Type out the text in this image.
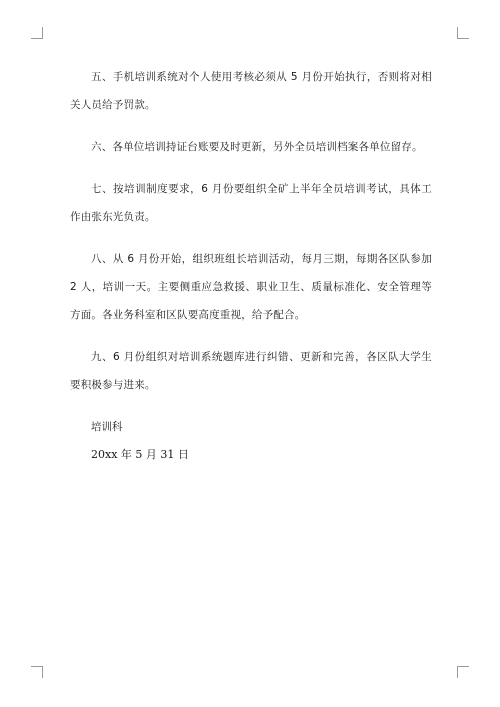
五、手机培训系统对个人使用考核必须从 5 月份开始执行，否则将对相关人员给予罚款。

六、各单位培训持证台账要及时更新，另外全员培训档案各单位留存。

七、按培训制度要求，6 月份要组织全矿上半年全员培训考试，具体工作由张东光负责。

八、从 6 月份开始，组织班组长培训活动，每月三期，每期各区队参加 2 人，培训一天。主要侧重应急救援、职业卫生、质量标准化、安全管理等方面。各业务科室和区队要高度重视，给予配合。

九、6 月份组织对培训系统题库进行纠错、更新和完善，各区队大学生要积极参与进来。

培训科

20xx 年 5 月 31 日
